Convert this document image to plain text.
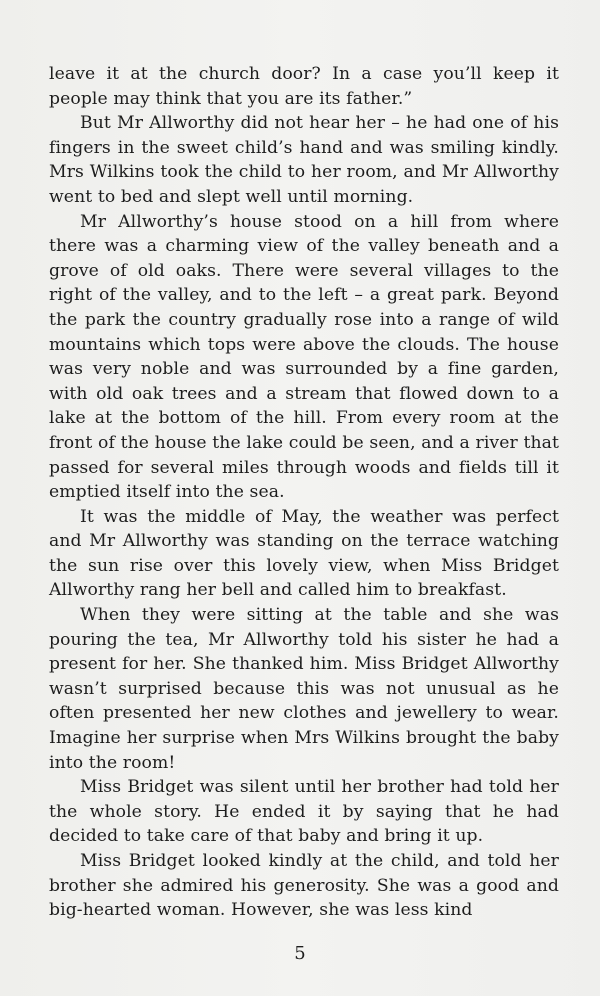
leave it at the church door? In a case you’ll keep it people may think that you are its father.”

But Mr Allworthy did not hear her – he had one of his fingers in the sweet child’s hand and was smiling kindly. Mrs Wilkins took the child to her room, and Mr Allworthy went to bed and slept well until morning.

Mr Allworthy’s house stood on a hill from where there was a charming view of the valley beneath and a grove of old oaks. There were several villages to the right of the valley, and to the left – a great park. Beyond the park the country gradually rose into a range of wild mountains which tops were above the clouds. The house was very noble and was surrounded by a fine garden, with old oak trees and a stream that flowed down to a lake at the bottom of the hill. From every room at the front of the house the lake could be seen, and a river that passed for several miles through woods and fields till it emptied itself into the sea.

It was the middle of May, the weather was perfect and Mr Allworthy was standing on the terrace watching the sun rise over this lovely view, when Miss Bridget Allworthy rang her bell and called him to breakfast.

When they were sitting at the table and she was pouring the tea, Mr Allworthy told his sister he had a present for her. She thanked him. Miss Bridget Allworthy wasn’t surprised because this was not unusual as he often presented her new clothes and jewellery to wear. Imagine her surprise when Mrs Wilkins brought the baby into the room!

Miss Bridget was silent until her brother had told her the whole story. He ended it by saying that he had decided to take care of that baby and bring it up.

Miss Bridget looked kindly at the child, and told her brother she admired his generosity. She was a good and big-hearted woman. However, she was less kind

5
